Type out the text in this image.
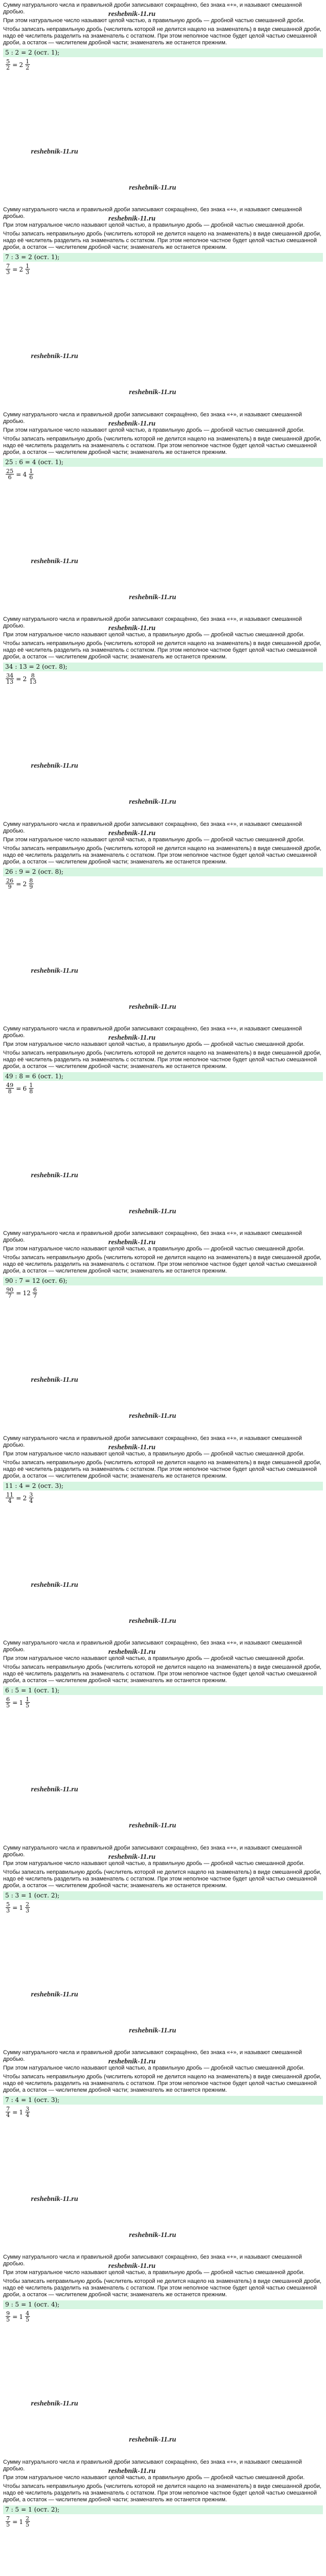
Сумму натурального числа и правильной дроби записывают сокращённо, без знака «+», и называют смешанной дробью.

При этом натуральное число называют целой частью, а правильную дробь — дробной частью смешанной дроби.

Чтобы записать неправильную дробь (числитель которой не делится нацело на знаменатель) в виде смешанной дроби, надо её числитель разделить на знаменатель с остатком. При этом неполное частное будет целой частью смешанной дроби, а остаток — числителем дробной части; знаменатель же останется прежним.

5 : 2 = 2 (ост. 1);
$\frac{5}{2} = 2 \frac{1}{2}$
reshebnik-11.ru
reshebnik-11.ru
reshebnik-11.ru

Сумму натурального числа и правильной дроби записывают сокращённо, без знака «+», и называют смешанной дробью.

При этом натуральное число называют целой частью, а правильную дробь — дробной частью смешанной дроби.

Чтобы записать неправильную дробь (числитель которой не делится нацело на знаменатель) в виде смешанной дроби, надо её числитель разделить на знаменатель с остатком. При этом неполное частное будет целой частью смешанной дроби, а остаток — числителем дробной части; знаменатель же останется прежним.

7 : 3 = 2 (ост. 1);
$\frac{7}{3} = 2 \frac{1}{3}$
reshebnik-11.ru
reshebnik-11.ru
reshebnik-11.ru

Сумму натурального числа и правильной дроби записывают сокращённо, без знака «+», и называют смешанной дробью.

При этом натуральное число называют целой частью, а правильную дробь — дробной частью смешанной дроби.

Чтобы записать неправильную дробь (числитель которой не делится нацело на знаменатель) в виде смешанной дроби, надо её числитель разделить на знаменатель с остатком. При этом неполное частное будет целой частью смешанной дроби, а остаток — числителем дробной части; знаменатель же останется прежним.

25 : 6 = 4 (ост. 1);
$\frac{25}{6} = 4 \frac{1}{6}$
reshebnik-11.ru
reshebnik-11.ru
reshebnik-11.ru

Сумму натурального числа и правильной дроби записывают сокращённо, без знака «+», и называют смешанной дробью.

При этом натуральное число называют целой частью, а правильную дробь — дробной частью смешанной дроби.

Чтобы записать неправильную дробь (числитель которой не делится нацело на знаменатель) в виде смешанной дроби, надо её числитель разделить на знаменатель с остатком. При этом неполное частное будет целой частью смешанной дроби, а остаток — числителем дробной части; знаменатель же останется прежним.

34 : 13 = 2 (ост. 8);
$\frac{34}{13} = 2 \frac{8}{13}$
reshebnik-11.ru
reshebnik-11.ru
reshebnik-11.ru

Сумму натурального числа и правильной дроби записывают сокращённо, без знака «+», и называют смешанной дробью.

При этом натуральное число называют целой частью, а правильную дробь — дробной частью смешанной дроби.

Чтобы записать неправильную дробь (числитель которой не делится нацело на знаменатель) в виде смешанной дроби, надо её числитель разделить на знаменатель с остатком. При этом неполное частное будет целой частью смешанной дроби, а остаток — числителем дробной части; знаменатель же останется прежним.

26 : 9 = 2 (ост. 8);
$\frac{26}{9} = 2 \frac{8}{9}$
reshebnik-11.ru
reshebnik-11.ru
reshebnik-11.ru

Сумму натурального числа и правильной дроби записывают сокращённо, без знака «+», и называют смешанной дробью.

При этом натуральное число называют целой частью, а правильную дробь — дробной частью смешанной дроби.

Чтобы записать неправильную дробь (числитель которой не делится нацело на знаменатель) в виде смешанной дроби, надо её числитель разделить на знаменатель с остатком. При этом неполное частное будет целой частью смешанной дроби, а остаток — числителем дробной части; знаменатель же останется прежним.

49 : 8 = 6 (ост. 1);
$\frac{49}{8} = 6 \frac{1}{8}$
reshebnik-11.ru
reshebnik-11.ru
reshebnik-11.ru

Сумму натурального числа и правильной дроби записывают сокращённо, без знака «+», и называют смешанной дробью.

При этом натуральное число называют целой частью, а правильную дробь — дробной частью смешанной дроби.

Чтобы записать неправильную дробь (числитель которой не делится нацело на знаменатель) в виде смешанной дроби, надо её числитель разделить на знаменатель с остатком. При этом неполное частное будет целой частью смешанной дроби, а остаток — числителем дробной части; знаменатель же останется прежним.

90 : 7 = 12 (ост. 6);
$\frac{90}{7} = 12 \frac{6}{7}$
reshebnik-11.ru
reshebnik-11.ru
reshebnik-11.ru

Сумму натурального числа и правильной дроби записывают сокращённо, без знака «+», и называют смешанной дробью.

При этом натуральное число называют целой частью, а правильную дробь — дробной частью смешанной дроби.

Чтобы записать неправильную дробь (числитель которой не делится нацело на знаменатель) в виде смешанной дроби, надо её числитель разделить на знаменатель с остатком. При этом неполное частное будет целой частью смешанной дроби, а остаток — числителем дробной части; знаменатель же останется прежним.

11 : 4 = 2 (ост. 3);
$\frac{11}{4} = 2 \frac{3}{4}$
reshebnik-11.ru
reshebnik-11.ru
reshebnik-11.ru

Сумму натурального числа и правильной дроби записывают сокращённо, без знака «+», и называют смешанной дробью.

При этом натуральное число называют целой частью, а правильную дробь — дробной частью смешанной дроби.

Чтобы записать неправильную дробь (числитель которой не делится нацело на знаменатель) в виде смешанной дроби, надо её числитель разделить на знаменатель с остатком. При этом неполное частное будет целой частью смешанной дроби, а остаток — числителем дробной части; знаменатель же останется прежним.

6 : 5 = 1 (ост. 1);
$\frac{6}{5} = 1 \frac{1}{5}$
reshebnik-11.ru
reshebnik-11.ru
reshebnik-11.ru

Сумму натурального числа и правильной дроби записывают сокращённо, без знака «+», и называют смешанной дробью.

При этом натуральное число называют целой частью, а правильную дробь — дробной частью смешанной дроби.

Чтобы записать неправильную дробь (числитель которой не делится нацело на знаменатель) в виде смешанной дроби, надо её числитель разделить на знаменатель с остатком. При этом неполное частное будет целой частью смешанной дроби, а остаток — числителем дробной части; знаменатель же останется прежним.

5 : 3 = 1 (ост. 2);
$\frac{5}{3} = 1 \frac{2}{3}$
reshebnik-11.ru
reshebnik-11.ru
reshebnik-11.ru

Сумму натурального числа и правильной дроби записывают сокращённо, без знака «+», и называют смешанной дробью.

При этом натуральное число называют целой частью, а правильную дробь — дробной частью смешанной дроби.

Чтобы записать неправильную дробь (числитель которой не делится нацело на знаменатель) в виде смешанной дроби, надо её числитель разделить на знаменатель с остатком. При этом неполное частное будет целой частью смешанной дроби, а остаток — числителем дробной части; знаменатель же останется прежним.

7 : 4 = 1 (ост. 3);
$\frac{7}{4} = 1 \frac{3}{4}$
reshebnik-11.ru
reshebnik-11.ru
reshebnik-11.ru

Сумму натурального числа и правильной дроби записывают сокращённо, без знака «+», и называют смешанной дробью.

При этом натуральное число называют целой частью, а правильную дробь — дробной частью смешанной дроби.

Чтобы записать неправильную дробь (числитель которой не делится нацело на знаменатель) в виде смешанной дроби, надо её числитель разделить на знаменатель с остатком. При этом неполное частное будет целой частью смешанной дроби, а остаток — числителем дробной части; знаменатель же останется прежним.

9 : 5 = 1 (ост. 4);
$\frac{9}{5} = 1 \frac{4}{5}$
reshebnik-11.ru
reshebnik-11.ru
reshebnik-11.ru

Сумму натурального числа и правильной дроби записывают сокращённо, без знака «+», и называют смешанной дробью.

При этом натуральное число называют целой частью, а правильную дробь — дробной частью смешанной дроби.

Чтобы записать неправильную дробь (числитель которой не делится нацело на знаменатель) в виде смешанной дроби, надо её числитель разделить на знаменатель с остатком. При этом неполное частное будет целой частью смешанной дроби, а остаток — числителем дробной части; знаменатель же останется прежним.

7 : 5 = 1 (ост. 2);
$\frac{7}{5} = 1 \frac{2}{5}$
reshebnik-11.ru
